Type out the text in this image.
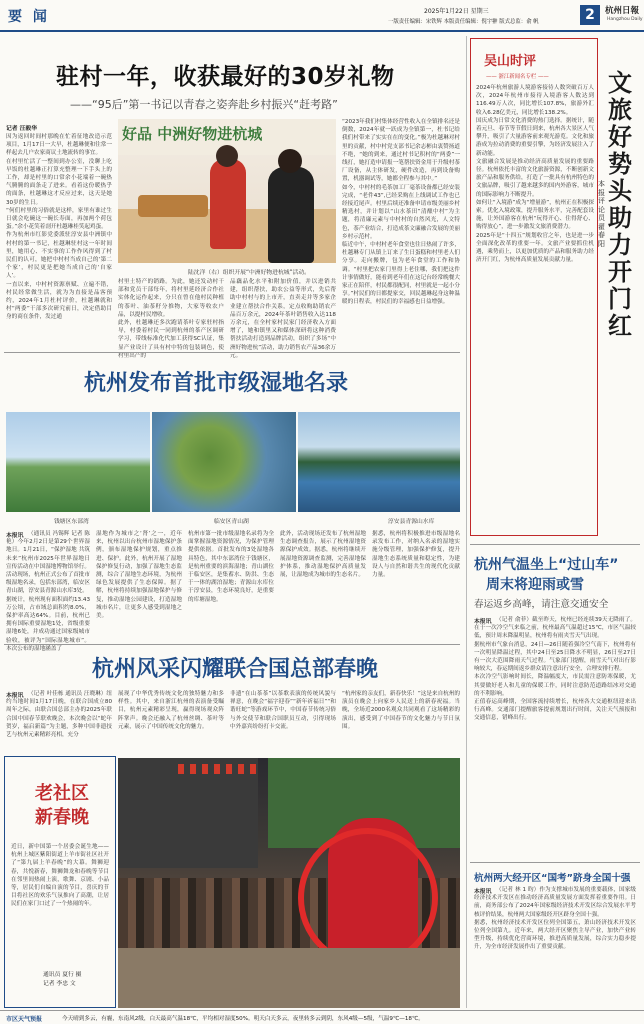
要 闻	2025年1月22日 星期三
一版责任编辑：宋铁辉 本版责任编辑：倪宇翀 版式总监：俞 帆	2	杭州日報
Hangzhou Daily
驻村一年，收获最好的30岁礼物
——“95后”第一书记以青春之姿奔赴乡村振兴“赶考路”
记者 汪毅华
因为返回时间村那晚在忙着征地改造示范项目，1月17日一大早，杜越琳便和往常一样起去几户农家商议土地流转的事宜。
在村里忙活了一整间到办公室，没聊上吃早饭的杜越琳正打算充整理一下手头上的工作，却是村里的口常余小花端着一碗热气腾腾的面条走了进来。看着这份暖热乎的面条，杜越琳这才反应过来，这天是她30岁的生日。
“何们村里的习俗就是这样，家里有谁过生日就会吃碗这一碗长寿面，再加两个荷包蛋。”余小花笑着剖开杜越琳桂笑起鸡蛋。
作为杭州市红影党委派驻淳安县中洲镇中村村的第一书记，杜越琳驻村这一年时间里，她用心、不实事的工作作风得到了村民们的认可，她把中村村当成自己的‘第二个家’，村民更是把她当成自己的‘自家人’。
一直以来，中村村资源禀赋、立遍不错，村民经常做生活，就为为直接是品客预约，2024年1月杜村评价，杜越琳就和村“两委”干部多次研究前日，决定借助目身的商在条件，发过通
好品 中洲好物进杭城
陆沈洋（右）组织开展“中洲好物进杭城”活动。
村里土特产的销路。为此，她还发动村干部和党员干部每年，将村里延经济合作社实体化运作起来，分只在曾在他村民种植的茶叶、油茶籽分推物，大家等收农户品，以提村民增收。
此外，杜越琳还多次跑请茶叶专家驻村指导，村委着村民一同到杭州的茶产区调研学习，带线标准化代加工获得SC认证，集显产业设计了具有村中特的包装调色，使村里出产的
品藕品化水平和附加价值，并以进销共建，组织帮扶，助农公益等形式，先后帮助中村村与的上市开，直卖走并等多家企业建立帮扶合作关系，定点收购助销农产品百万余元，2024年茶叶销售收入达118万余元，在全村家村民家门经济收入方面增了，她和镇里又和媒体深研将这种消费帮扶活动打造到品牌活动，组织了多场“中洲好物进杭”活动，助力销售农产品36余万元。
“2023年我们村集体经营性收入在全镇排名还是倒数，2024年就一跃成为全镇第一，杜书记给我们村带来了实实在在的变化。”极为杜越琳对村里的贡献，村中村党支部书记余志彬由衷赞扬道不绝，“她的到来，通过村书记积村的“两委”一线打，她打造申请报一笔帮扶资金用于升级村茶厂设备，从主体研发，硬件改造，再到设备购置，机器调试等，她都全程参与其中。”
如今，中村村的毛茶加工厂毫茶设备都已经安装完成，“老件43”,已经采购在上线调试工作也已经接近尾声。村里后续还准备申请市级美丽乡村精选村，并计划以“山水茶田”清酿中村”为主题，将清廉元素与中村村的自然风光，人文特色，茶产业结合，打造成茶文廉融合发展的美丽乡村示范村。
临近中午，中村村老年食堂也往日热闹了许多，杜越琳专门从镇上订来了生日蛋糕和村里老人们分享。走向搬牌，包为老年食堂的工作和协调。“村里把农家门里得上老住哪，我们把这件计事情做好，能看到老年们在这记台经常晚餐大家正在陪伴，村民都很配同，村里就是一起小分享。”村民们的日都提家交，回民越琳起身这种温暖的日程表，村民们的幸福感也日益增强。
杭州发布首批市级湿地名录
钱塘区东部湾	临安区青山湖	淳安县青源山水库
本报讯 （通讯员 冯锡辉 记者 陈艳）今年2月2日是第29个世界湿地日。1月21日，“保护湿地 共筑未来”杭州市2025年世界湿地日宣传活动在中国湿地博物馆举行。活动现场，杭州正式公布了首批市级湿地名录，包括东部湾，临安区青山湖，淳安县青源山水库3处。
据统计，杭州现有面积面约13.43万公顷，占市域总面积约8.0%，保护率高达64%。目前，杭州已拥有国际重要湿地1处，省级重要湿地6处，并成功通过国家级城市验收，被评为“国际湿地城市”。本次公布的湿地涵盖了
湿地作为城市之‘肾’之一，近年来，杭州以出台杭州市湿地保护条例，颁布湿地保护规划，重点推进、保护。此外，杭州开展了湿地保护修复行动，加强了湿地生态监测，综合了湿地生态环境，为杭州绿色发展提供了生态保障。据了解，杭州将持续加强湿地保护与修复，推动湿地公园建设，打造湿地城市名片，让更多人感受到湿地之美。
杭州市第一批市级湿地名录将为全面掌握湿地资源情况，为保护管理提供依据。首批发布的3处湿地各具特色，其中东部湾位于钱塘区，是杭州重要的滨海湿地；青山湖位于临安区，是集蓄水、防洪、生态于一体的湖泊湿地；青源山水库位于淳安县，生态环境良好，是重要的库塘湿地。
此外，活动现场还发布了杭州湿地生态调查报告，展示了杭州湿地资源保护成效。据悉，杭州将继续开展湿地资源调查监测，完善湿地保护体系，推动湿地保护高质量发展，让湿地成为城市的生态名片。
据悉，杭州将积极推进市级湿地名录发布工作，对纳入名录的湿地实施分级管理，加强保护修复，提升湿地生态系统质量和稳定性，为建设人与自然和谐共生的现代化贡献力量。
杭州风采闪耀联合国总部春晚
本报讯 （记者 叶佳栋 通讯员 汪晓琳）纽约当地时间1月17日晚，在联合国成立80周年之际，由联合国总部主办的2025年联合国中国春节联欢晚会，本次晚会以“蛇年贺岁，福启新篇”为主题，多种中国非遗技艺与杭州元素精彩亮相，充分
展现了中华优秀传统文化的独特魅力和多样性。其中，来自浙江杭州的表演备受瞩目，杭州元素精彩呈现，赢得现场观众阵阵掌声。晚会还融入了杭州丝绸、茶叶等元素，展示了中国传统文化的魅力。
非遗“在山茶茶”以茶歌表演的传统风貌与禅意，在晚会“福字迎春”“新年祈福日”“和谐旺蛇”等游戏环节中，中国春节传统习俗与外交使节和联合国职员互动，引得现场中外嘉宾纷纷打卡交流。
“杭州家的亲友们，新春快乐！”这是来自杭州的演员在晚会上向家乡人民送上的新春祝福。当晚，全场近2000名观众共同观看了这场精彩的演出，感受到了中国春节的文化魅力与节日氛围。
老社区
新春晚
近日，新中国第一个居委会诞生地——杭州上城区紫阳街道上羊市街社区社开了“第九届上羊春晚”的大幕。舞狮迎春，共悦新春，舞狮舞龙和春晚等节目在邻里间热闹上演，歌舞、京剧、小品等，居民们自编自演的节目，喜庆的节目将社区的欢乐气氛推向了高潮，让居民们在家门口过了一个热闹的年。
通讯员 夏行 摄
记者 李忠 文
吴山时评
—— 浙江新闻名专栏 ——
2024年杭州旅游人境游客接待人数突破百万人次，2024年杭州市接待入境游客人数达到116.49万人次，同比增长107.8%，旅游外汇收入6.28亿美元，同比增长138.2%。
国庆成为日常文化消费的热门选择。据统计，随着元旦、春节等节假日到来，杭州各大景区人气攀升，吸引了大量游客前来观光游览。文化和旅游成为拉动消费的重要引擎，为经济发展注入了新动能。
文旅融合发展是推动经济高质量发展的重要路径。杭州依托丰富的文化旅游资源，不断创新文旅产品和服务供给，打造了一批具有杭州特色的文旅品牌，吸引了越来越多的国内外游客，城市的国际影响力不断提升。
如何让“入境游”成为“增量游”，杭州正在积极探索。优化入境政策，提升服务水平，完善配套设施，让外国游客在杭州“玩得开心、住得舒心、购得放心”，进一步激发文旅消费潜力。
2025年是“十四五”规划收官之年，也是进一步全面深化改革的重要一年。文旅产业要抓住机遇，乘势而上，以更加优质的产品和服务助力经济开门红，为杭州高质量发展贡献力量。
文旅好势头助力开门红
本报评论员 翟春阳
杭州气温坐上“过山车”
周末将迎雨或雪
春运返乡高峰，请注意交通安全
本报讯 （记者 俞菲）截至昨天，杭州已经连续39天无降雨了。在于一次冷空气来临之前，杭州最高气温超过15℃，市区气温较低，预计周末降温明显，杭州将有雨夹雪天气出现。
据杭州市气象台消息，24日—26日随着强冷空气南下，杭州将有一次明显降温过程，其中24日至25日降水不明显，26日至27日有一次大范围降雨天气过程。气象部门提醒，雨雪天气对出行影响较大，春运期间返乡群众请注意出行安全，合理安排行程。
本次冷空气影响时间长，降温幅度大，市民需注意防寒保暖，尤其要做好老人和儿童的保暖工作，同时注意防范道路结冰对交通的不利影响。
正值春运高峰期，全国客流持续增长，杭州各大交通枢纽迎来出行高峰。交通部门提醒旅客提前规划出行时间，关注天气预报和交通信息，错峰出行。
杭州两大经开区“国考”跻身全国十强
本报讯 （记者 林 1 昀）作为支撑城市发展的重要载体，国家级经济技术开发区在推动经济高质量发展方面发挥着重要作用。日前，商务部公布了2024年国家级经济技术开发区综合发展水平考核评价结果，杭州两大国家级经开区跻身全国十强。
据悉，杭州经济技术开发区位列全国第五，萧山经济技术开发区位列全国第九。近年来，两大经开区聚焦主导产业，加快产业转型升级，持续优化营商环境，推进高质量发展，综合实力稳步提升，为全市经济发展作出了重要贡献。
市区天气预报	今天晴到多云，有霾，东南风2级，白天最高气温18℃，平均相对湿度50%。明天白天多云，夜里转多云到阴，东风4级—5级，气温9℃—18℃。
